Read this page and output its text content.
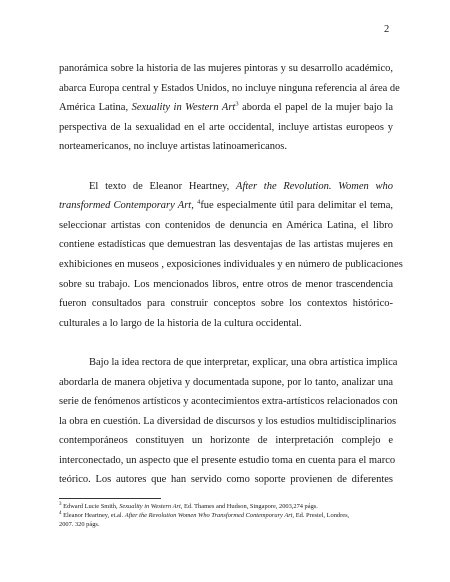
2
panorámica sobre la historia de las mujeres pintoras y su desarrollo académico,
abarca Europa central y Estados Unidos, no incluye ninguna referencia al área de
América Latina, Sexuality in Western Art$^3$ aborda el papel de la mujer bajo la
perspectiva de la sexualidad en el arte occidental, incluye artistas europeos y
norteamericanos, no incluye artistas latinoamericanos.
El texto de Eleanor Heartney, After the Revolution. Women who
transformed Contemporary Art, $^4$fue especialmente útil para delimitar el tema,
seleccionar artistas con contenidos de denuncia en América Latina, el libro
contiene estadísticas que demuestran las desventajas de las artistas mujeres en
exhibiciones en museos , exposiciones individuales y en número de publicaciones
sobre su trabajo. Los mencionados libros, entre otros de menor trascendencia
fueron consultados para construir conceptos sobre los contextos histórico-
culturales a lo largo de la historia de la cultura occidental.
Bajo la idea rectora de que interpretar, explicar, una obra artística implica
abordarla de manera objetiva y documentada supone, por lo tanto, analizar una
serie de fenómenos artísticos y acontecimientos extra-artísticos relacionados con
la obra en cuestión. La diversidad de discursos y los estudios multidisciplinarios
contemporáneos constituyen un horizonte de interpretación complejo e
interconectado, un aspecto que el presente estudio toma en cuenta para el marco
teórico. Los autores que han servido como soporte provienen de diferentes
$^3$ Edward Lucie Smith, Sexuality in Western Art, Ed. Thames and Hudson, Singapore, 2003,274 págs.
$^4$ Eleanor Heartney, et.al. After the Revolution Women Who Transformed Contemporary Art, Ed. Prestel, Londres,
2007. 320 págs.
